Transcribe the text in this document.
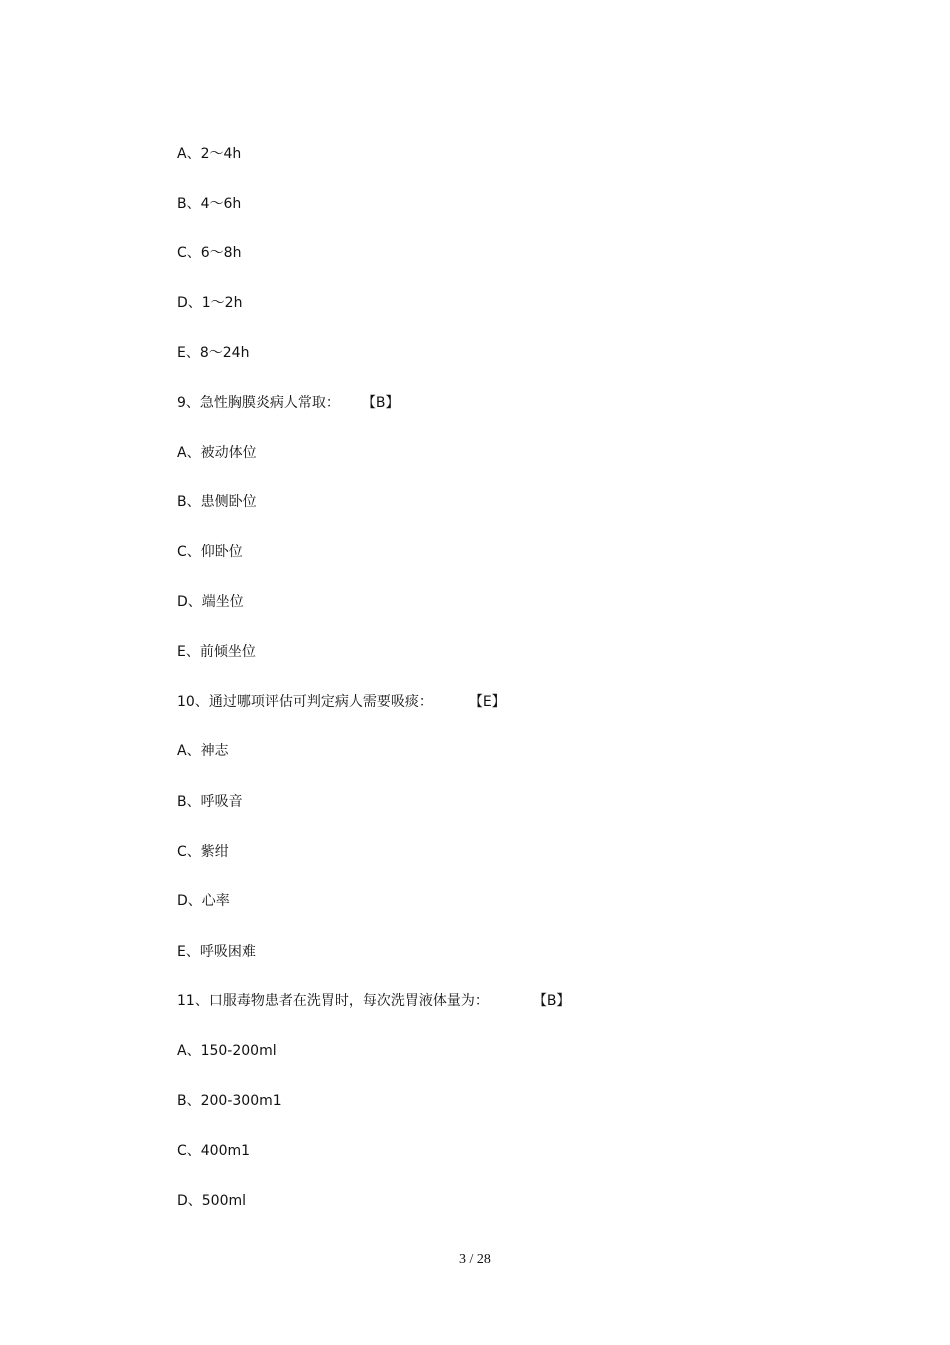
A、2～4h
B、4～6h
C、6～8h
D、1～2h
E、8～24h
9、急性胸膜炎病人常取： 【B】
A、被动体位
B、患侧卧位
C、仰卧位
D、端坐位
E、前倾坐位
10、通过哪项评估可判定病人需要吸痰：	【E】
A、神志
B、呼吸音
C、紫绀
D、心率
E、呼吸困难
11、口服毒物患者在洗胃时，每次洗胃液体量为：	【B】
A、150-200ml
B、200-300m1
C、400m1
D、500ml
3 / 28
